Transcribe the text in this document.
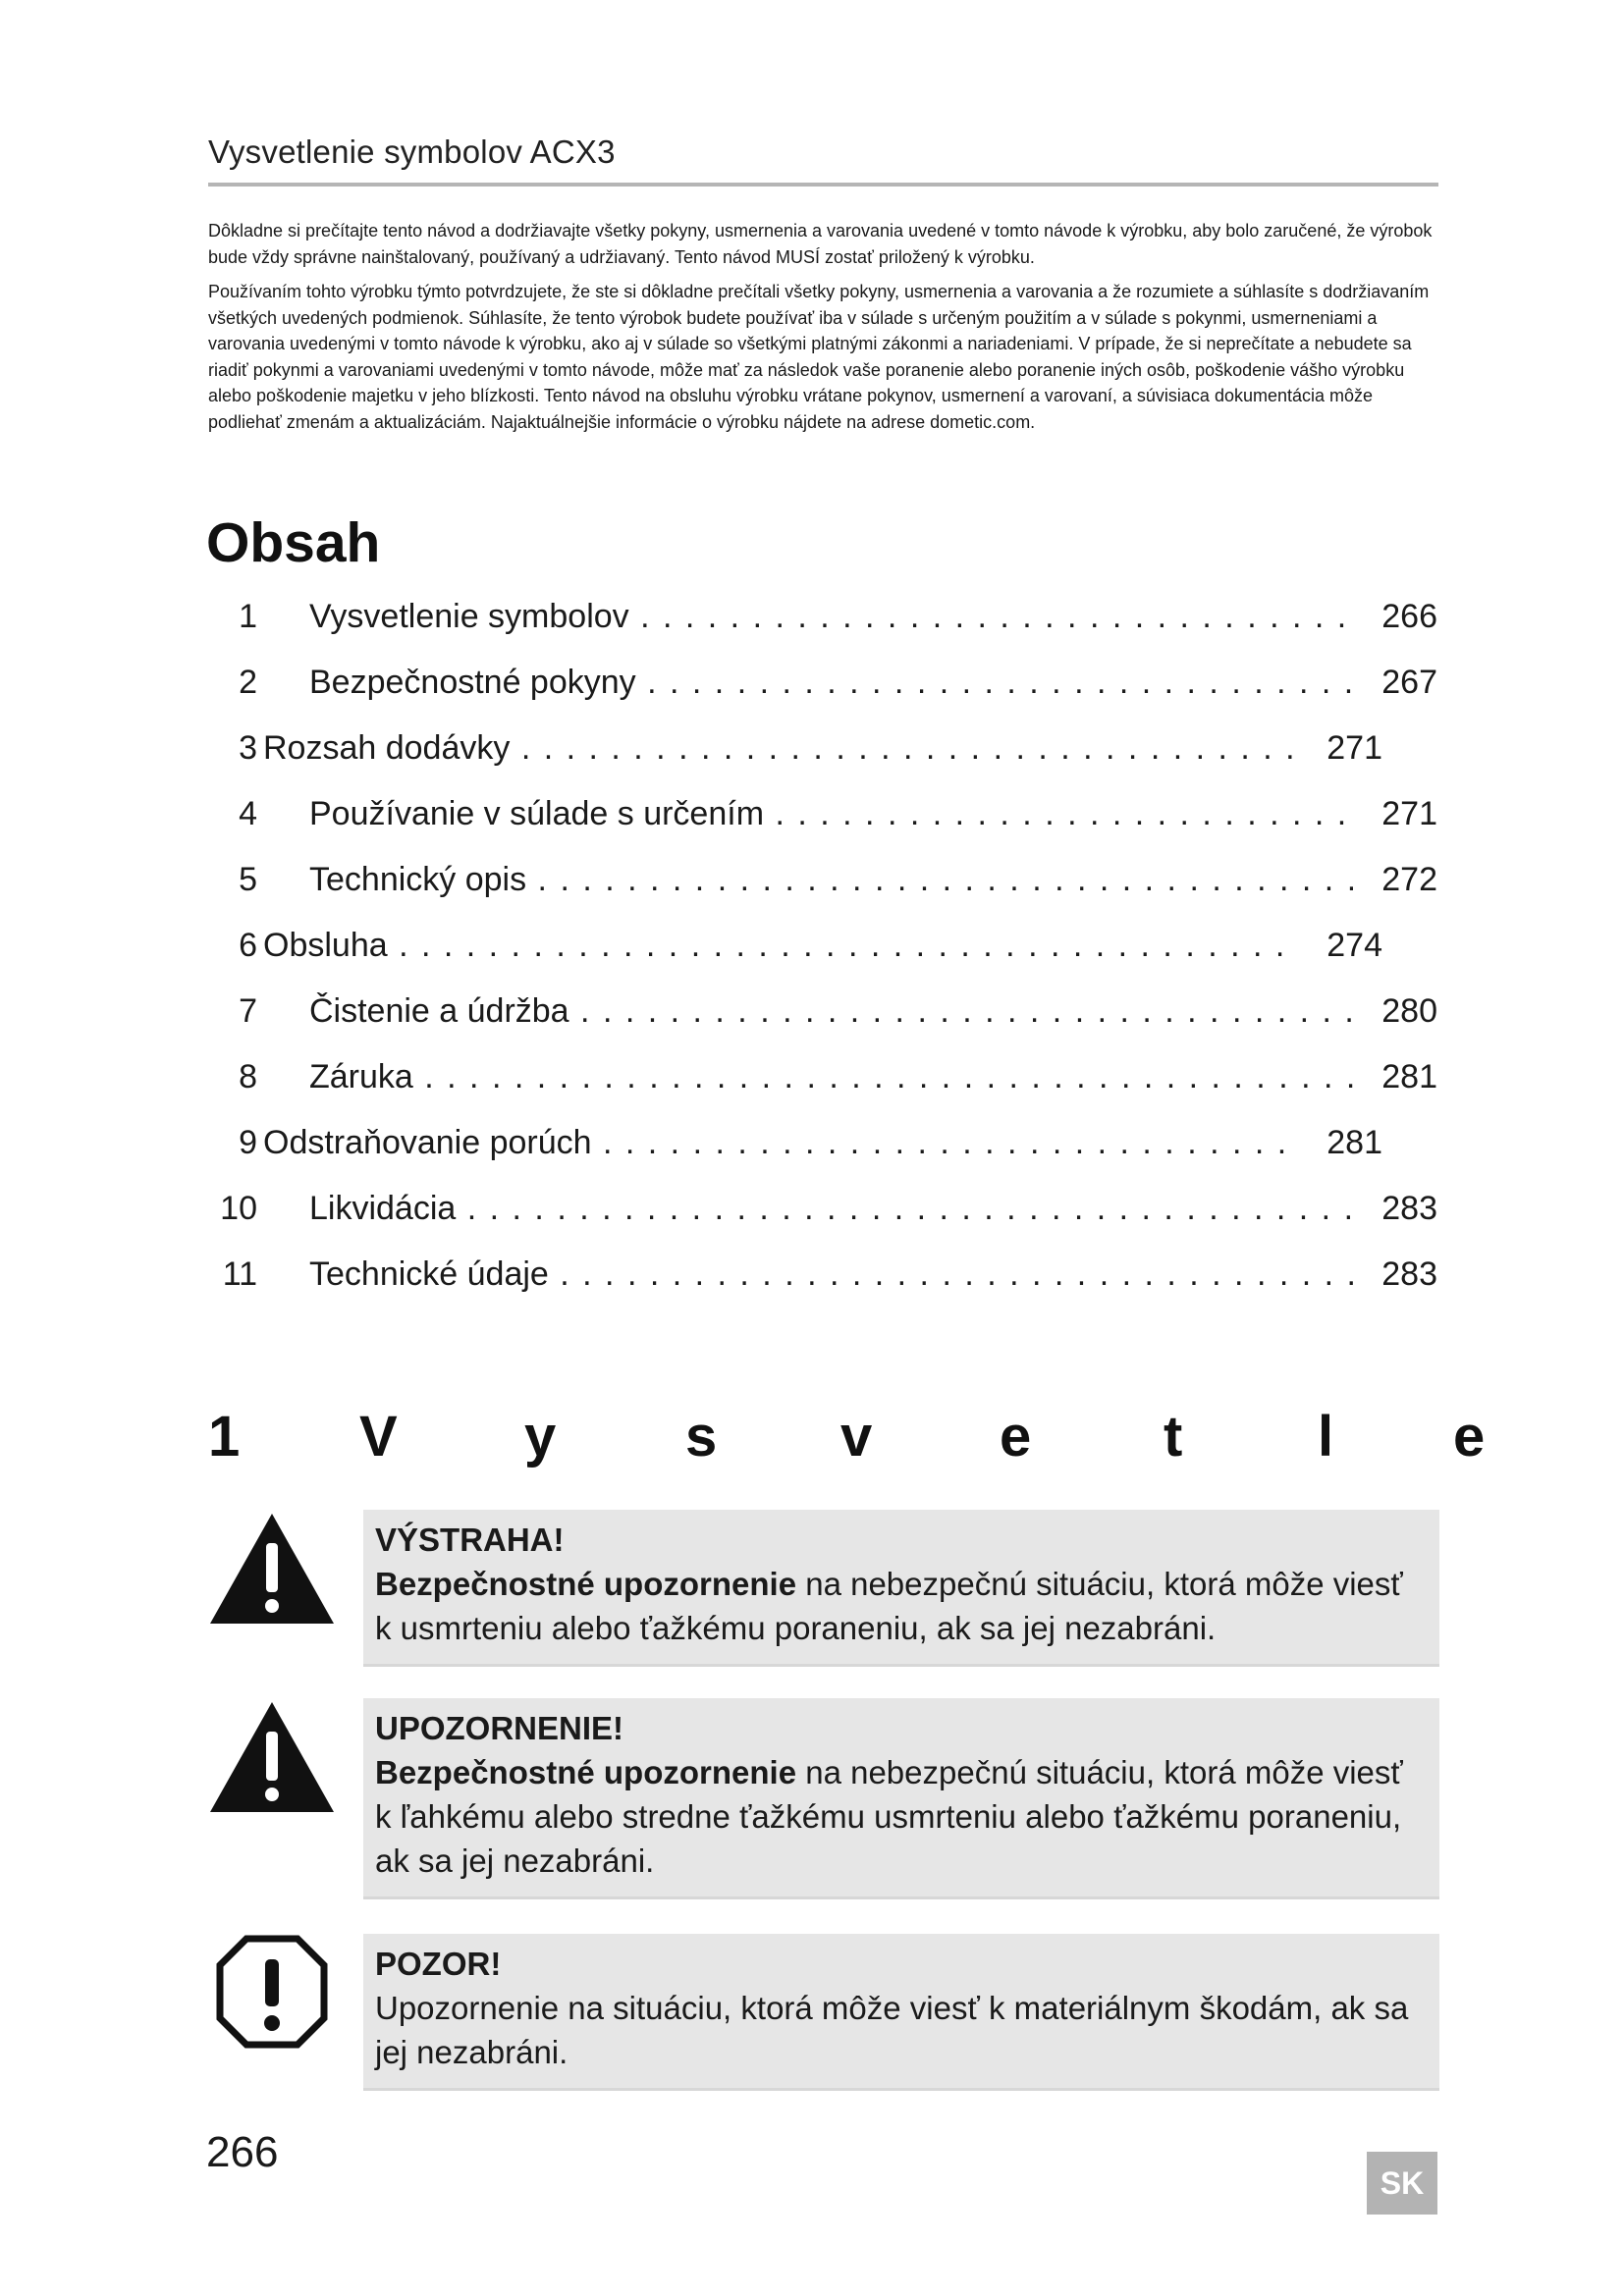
Vysvetlenie symbolov ACX3

Dôkladne si prečítajte tento návod a dodržiavajte všetky pokyny, usmernenia a varovania uvedené v tomto návode k výrobku, aby bolo zaručené, že výrobok bude vždy správne nainštalovaný, používaný a udržiavaný. Tento návod MUSÍ zostať priložený k výrobku.

Používaním tohto výrobku týmto potvrdzujete, že ste si dôkladne prečítali všetky pokyny, usmernenia a varovania a že rozumiete a súhlasíte s dodržiavaním všetkých uvedených podmienok. Súhlasíte, že tento výrobok budete používať iba v súlade s určeným použitím a v súlade s pokynmi, usmerneniami a varovania uvedenými v tomto návode k výrobku, ako aj v súlade so všetkými platnými zákonmi a nariadeniami. V prípade, že si neprečítate a nebudete sa riadiť pokynmi a varovaniami uvedenými v tomto návode, môže mať za následok vaše poranenie alebo poranenie iných osôb, poškodenie vášho výrobku alebo poškodenie majetku v jeho blízkosti. Tento návod na obsluhu výrobku vrátane pokynov, usmernení a varovaní, a súvisiaca dokumentácia môže podliehať zmenám a aktualizáciám. Najaktuálnejšie informácie o výrobku nájdete na adrese dometic.com.

Obsah
1 Vysvetlenie symbolov . . .	266
2 Bezpečnostné pokyny . . .	267
3 Rozsah dodávky . . .	271
4 Používanie v súlade s určením . . .	271
5 Technický opis . . .	272
6 Obsluha . . .	274
7 Čistenie a údržba . . .	280
8 Záruka . . .	281
9 Odstraňovanie porúch . . .	281
10 Likvidácia . . .	283
11 Technické údaje . . .	283
1 V y s v e t l e
VÝSTRAHA!
Bezpečnostné upozornenie na nebezpečnú situáciu, ktorá môže viesť k usmrteniu alebo ťažkému poraneniu, ak sa jej nezabráni.
UPOZORNENIE!
Bezpečnostné upozornenie na nebezpečnú situáciu, ktorá môže viesť k ľahkému alebo stredne ťažkému usmrteniu alebo ťažkému poraneniu, ak sa jej nezabráni.
POZOR!
Upozornenie na situáciu, ktorá môže viesť k materiálnym škodám, ak sa jej nezabráni.
266
SK
